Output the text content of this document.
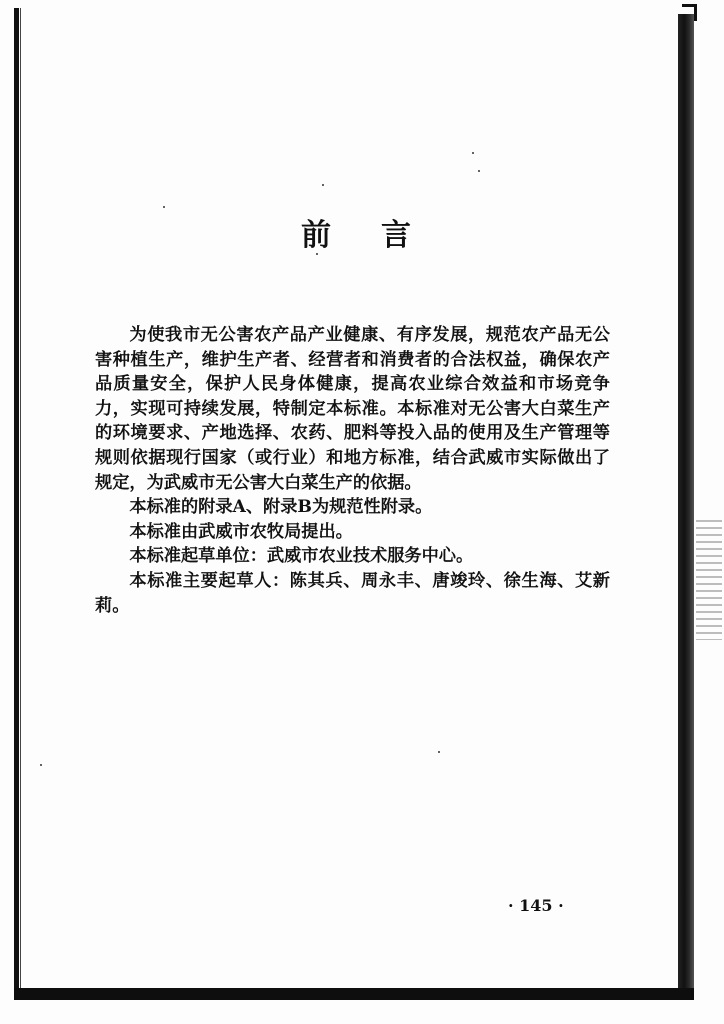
前言

为使我市无公害农产品产业健康、有序发展，规范农产品无公害种植生产，维护生产者、经营者和消费者的合法权益，确保农产品质量安全，保护人民身体健康，提高农业综合效益和市场竞争力，实现可持续发展，特制定本标准。本标准对无公害大白菜生产的环境要求、产地选择、农药、肥料等投入品的使用及生产管理等规则依据现行国家（或行业）和地方标准，结合武威市实际做出了规定，为武威市无公害大白菜生产的依据。

本标准的附录A、附录B为规范性附录。

本标准由武威市农牧局提出。

本标准起草单位：武威市农业技术服务中心。

本标准主要起草人：陈其兵、周永丰、唐竣玲、徐生海、艾新莉。

· 145 ·
